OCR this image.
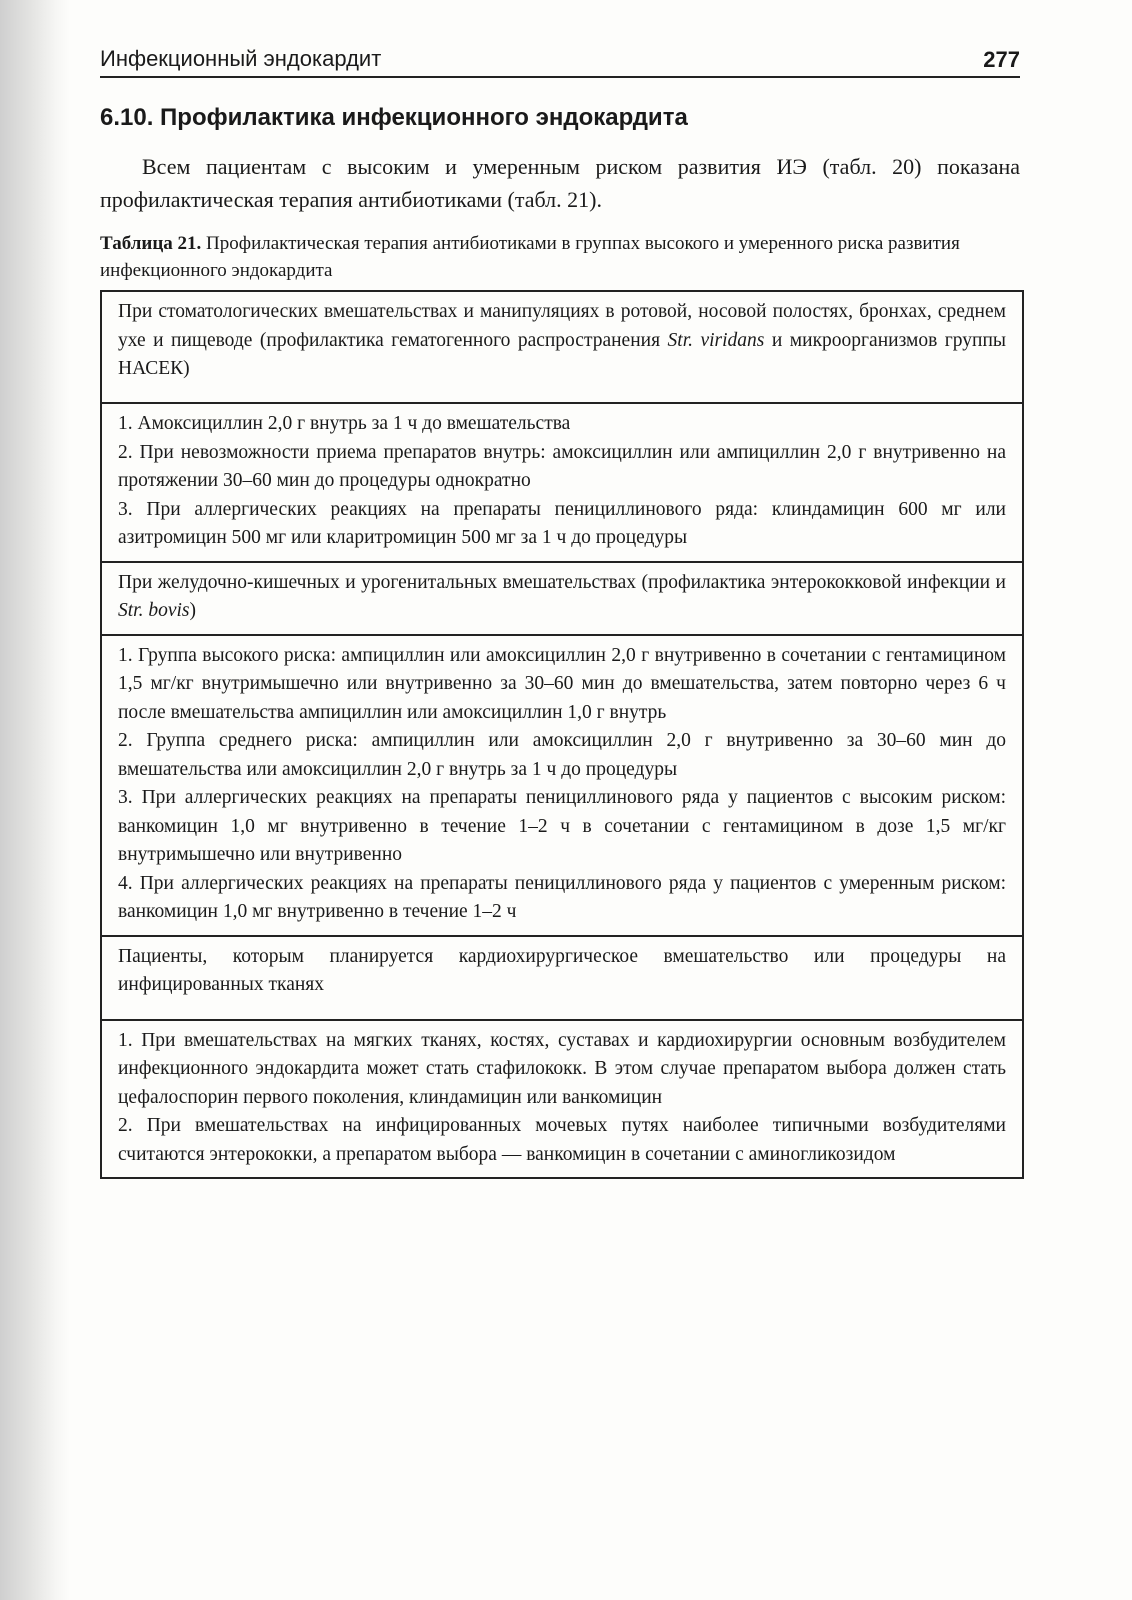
Инфекционный эндокардит	277
6.10. Профилактика инфекционного эндокардита

Всем пациентам с высоким и умеренным риском развития ИЭ (табл. 20) показана профилактическая терапия антибиотиками (табл. 21).

Таблица 21. Профилактическая терапия антибиотиками в группах высокого и умеренного риска развития инфекционного эндокардита

При стоматологических вмешательствах и манипуляциях в ротовой, носовой полостях, бронхах, среднем ухе и пищеводе (профилактика гематогенного распространения Str. viridans и микроорганизмов группы НАСЕК)

1. Амоксициллин 2,0 г внутрь за 1 ч до вмешательства
2. При невозможности приема препаратов внутрь: амоксициллин или ампициллин 2,0 г внутривенно на протяжении 30–60 мин до процедуры однократно
3. При аллергических реакциях на препараты пенициллинового ряда: клиндамицин 600 мг или азитромицин 500 мг или кларитромицин 500 мг за 1 ч до процедуры

При желудочно-кишечных и урогенитальных вмешательствах (профилактика энтерококковой инфекции и Str. bovis)

1. Группа высокого риска: ампициллин или амоксициллин 2,0 г внутривенно в сочетании с гентамицином 1,5 мг/кг внутримышечно или внутривенно за 30–60 мин до вмешательства, затем повторно через 6 ч после вмешательства ампициллин или амоксициллин 1,0 г внутрь
2. Группа среднего риска: ампициллин или амоксициллин 2,0 г внутривенно за 30–60 мин до вмешательства или амоксициллин 2,0 г внутрь за 1 ч до процедуры
3. При аллергических реакциях на препараты пенициллинового ряда у пациентов с высоким риском: ванкомицин 1,0 мг внутривенно в течение 1–2 ч в сочетании с гентамицином в дозе 1,5 мг/кг внутримышечно или внутривенно
4. При аллергических реакциях на препараты пенициллинового ряда у пациентов с умеренным риском: ванкомицин 1,0 мг внутривенно в течение 1–2 ч

Пациенты, которым планируется кардиохирургическое вмешательство или процедуры на инфицированных тканях

1. При вмешательствах на мягких тканях, костях, суставах и кардиохирургии основным возбудителем инфекционного эндокардита может стать стафилококк. В этом случае препаратом выбора должен стать цефалоспорин первого поколения, клиндамицин или ванкомицин
2. При вмешательствах на инфицированных мочевых путях наиболее типичными возбудителями считаются энтерококки, а препаратом выбора — ванкомицин в сочетании с аминогликозидом
